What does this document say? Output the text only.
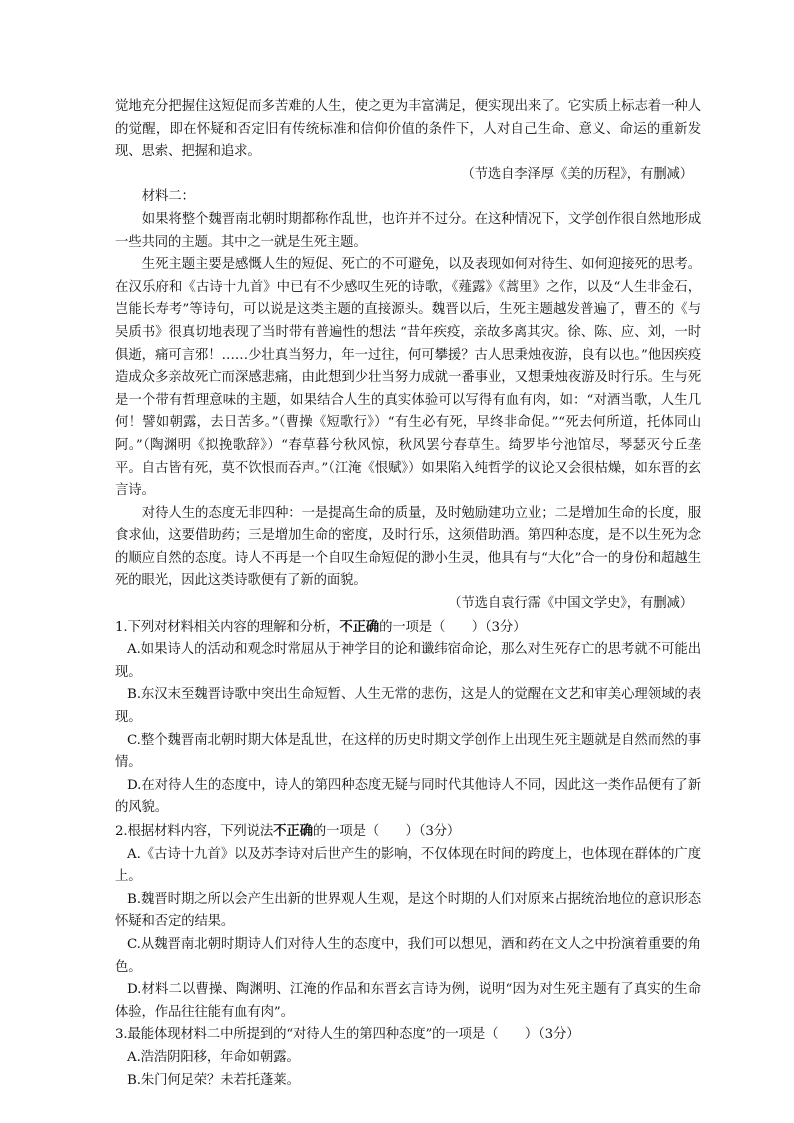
觉地充分把握住这短促而多苦难的人生，使之更为丰富满足，便实现出来了。它实质上标志着一种人的觉醒，即在怀疑和否定旧有传统标准和信仰价值的条件下，人对自己生命、意义、命运的重新发现、思索、把握和追求。

（节选自李泽厚《美的历程》，有删减）

材料二：

如果将整个魏晋南北朝时期都称作乱世，也许并不过分。在这种情况下，文学创作很自然地形成一些共同的主题。其中之一就是生死主题。

生死主题主要是感慨人生的短促、死亡的不可避免，以及表现如何对待生、如何迎接死的思考。在汉乐府和《古诗十九首》中已有不少感叹生死的诗歌，《薤露》《蒿里》之作，以及“人生非金石，岂能长寿考”等诗句，可以说是这类主题的直接源头。魏晋以后，生死主题越发普遍了，曹丕的《与吴质书》很真切地表现了当时带有普遍性的想法 “昔年疾疫，亲故多离其灾。徐、陈、应、刘，一时俱逝，痛可言邪！……少壮真当努力，年一过往，何可攀援？古人思秉烛夜游，良有以也。”他因疾疫造成众多亲故死亡而深感悲痛，由此想到少壮当努力成就一番事业，又想秉烛夜游及时行乐。生与死是一个带有哲理意味的主题，如果结合人生的真实体验可以写得有血有肉，如：“对酒当歌，人生几何！譬如朝露，去日苦多。”（曹操《短歌行》）“有生必有死，早终非命促。”“死去何所道，托体同山阿。”（陶渊明《拟挽歌辞》）“春草暮兮秋风惊，秋风罢兮春草生。绮罗毕兮池馆尽，琴瑟灭兮丘垄平。自古皆有死，莫不饮恨而吞声。”（江淹《恨赋》）如果陷入纯哲学的议论又会很枯燥，如东晋的玄言诗。

对待人生的态度无非四种：一是提高生命的质量，及时勉励建功立业；二是增加生命的长度，服食求仙，这要借助药；三是增加生命的密度，及时行乐，这须借助酒。第四种态度，是不以生死为念的顺应自然的态度。诗人不再是一个自叹生命短促的渺小生灵，他具有与“大化”合一的身份和超越生死的眼光，因此这类诗歌便有了新的面貌。

（节选自袁行霈《中国文学史》，有删减）

1.下列对材料相关内容的理解和分析，不正确的一项是（　　）（3分）

A.如果诗人的活动和观念时常屈从于神学目的论和谶纬宿命论，那么对生死存亡的思考就不可能出现。

B.东汉末至魏晋诗歌中突出生命短暂、人生无常的悲伤，这是人的觉醒在文艺和审美心理领域的表现。

C.整个魏晋南北朝时期大体是乱世，在这样的历史时期文学创作上出现生死主题就是自然而然的事情。

D.在对待人生的态度中，诗人的第四种态度无疑与同时代其他诗人不同，因此这一类作品便有了新的风貌。

2.根据材料内容，下列说法不正确的一项是（　　）（3分）

A.《古诗十九首》以及苏李诗对后世产生的影响，不仅体现在时间的跨度上，也体现在群体的广度上。

B.魏晋时期之所以会产生出新的世界观人生观，是这个时期的人们对原来占据统治地位的意识形态怀疑和否定的结果。

C.从魏晋南北朝时期诗人们对待人生的态度中，我们可以想见，酒和药在文人之中扮演着重要的角色。

D.材料二以曹操、陶渊明、江淹的作品和东晋玄言诗为例，说明“因为对生死主题有了真实的生命体验，作品往往能有血有肉”。

3.最能体现材料二中所提到的“对待人生的第四种态度”的一项是（　　）（3分）

A.浩浩阴阳移，年命如朝露。

B.朱门何足荣？未若托蓬莱。
